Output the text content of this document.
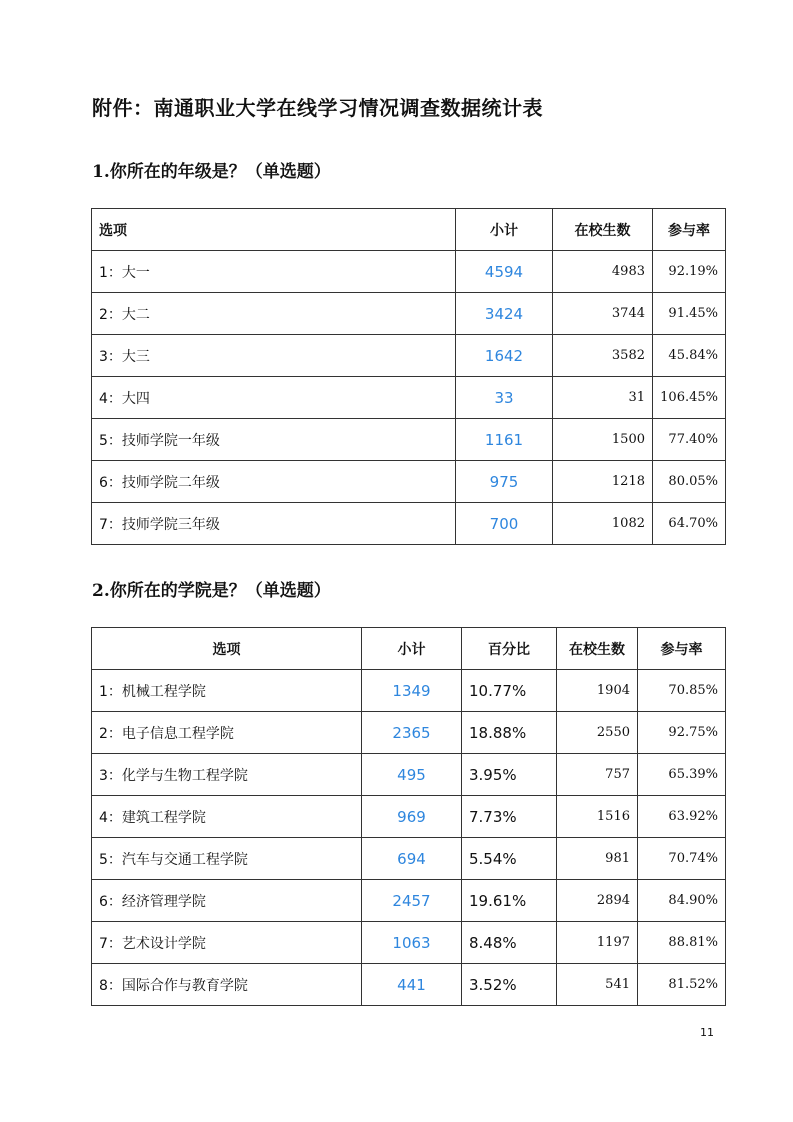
附件：南通职业大学在线学习情况调查数据统计表
1.你所在的年级是？（单选题）
选项	小计	在校生数	参与率
1：大一	4594	4983	92.19%
2：大二	3424	3744	91.45%
3：大三	1642	3582	45.84%
4：大四	33	31	106.45%
5：技师学院一年级	1161	1500	77.40%
6：技师学院二年级	975	1218	80.05%
7：技师学院三年级	700	1082	64.70%
2.你所在的学院是？（单选题）
选项	小计	百分比	在校生数	参与率
1：机械工程学院	1349	10.77%	1904	70.85%
2：电子信息工程学院	2365	18.88%	2550	92.75%
3：化学与生物工程学院	495	3.95%	757	65.39%
4：建筑工程学院	969	7.73%	1516	63.92%
5：汽车与交通工程学院	694	5.54%	981	70.74%
6：经济管理学院	2457	19.61%	2894	84.90%
7：艺术设计学院	1063	8.48%	1197	88.81%
8：国际合作与教育学院	441	3.52%	541	81.52%
11
